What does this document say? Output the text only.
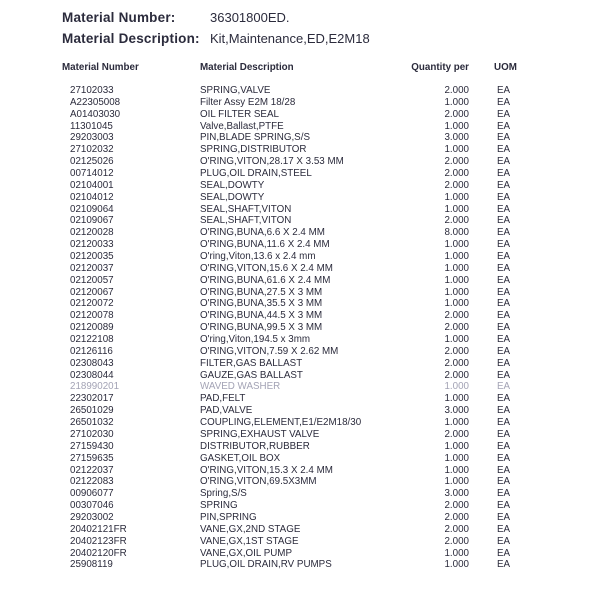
Material Number:	36301800ED.
Material Description: Kit,Maintenance,ED,E2M18
Material Number	Material Description	Quantity per	UOM
27102033	SPRING,VALVE	2.000	EA
A22305008	Filter Assy E2M 18/28	1.000	EA
A01403030	OIL FILTER SEAL	2.000	EA
11301045	Valve,Ballast,PTFE	1.000	EA
29203003	PIN,BLADE SPRING,S/S	3.000	EA
27102032	SPRING,DISTRIBUTOR	1.000	EA
02125026	O'RING,VITON,28.17 X 3.53 MM	2.000	EA
00714012	PLUG,OIL DRAIN,STEEL	2.000	EA
02104001	SEAL,DOWTY	2.000	EA
02104012	SEAL,DOWTY	1.000	EA
02109064	SEAL,SHAFT,VITON	1.000	EA
02109067	SEAL,SHAFT,VITON	2.000	EA
02120028	O'RING,BUNA,6.6 X 2.4 MM	8.000	EA
02120033	O'RING,BUNA,11.6 X 2.4 MM	1.000	EA
02120035	O'ring,Viton,13.6 x 2.4 mm	1.000	EA
02120037	O'RING,VITON,15.6 X 2.4 MM	1.000	EA
02120057	O'RING,BUNA,61.6 X 2.4 MM	1.000	EA
02120067	O'RING,BUNA,27.5 X 3 MM	1.000	EA
02120072	O'RING,BUNA,35.5 X 3 MM	1.000	EA
02120078	O'RING,BUNA,44.5 X 3 MM	2.000	EA
02120089	O'RING,BUNA,99.5 X 3 MM	2.000	EA
02122108	O'ring,Viton,194.5 x 3mm	1.000	EA
02126116	O'RING,VITON,7.59 X 2.62 MM	2.000	EA
02308043	FILTER,GAS BALLAST	2.000	EA
02308044	GAUZE,GAS BALLAST	2.000	EA
218990201	WAVED WASHER	1.000	EA
22302017	PAD,FELT	1.000	EA
26501029	PAD,VALVE	3.000	EA
26501032	COUPLING,ELEMENT,E1/E2M18/30	1.000	EA
27102030	SPRING,EXHAUST VALVE	2.000	EA
27159430	DISTRIBUTOR,RUBBER	1.000	EA
27159635	GASKET,OIL BOX	1.000	EA
02122037	O'RING,VITON,15.3 X 2.4 MM	1.000	EA
02122083	O'RING,VITON,69.5X3MM	1.000	EA
00906077	Spring,S/S	3.000	EA
00307046	SPRING	2.000	EA
29203002	PIN,SPRING	2.000	EA
20402121FR	VANE,GX,2ND STAGE	2.000	EA
20402123FR	VANE,GX,1ST STAGE	2.000	EA
20402120FR	VANE,GX,OIL PUMP	1.000	EA
25908119	PLUG,OIL DRAIN,RV PUMPS	1.000	EA
